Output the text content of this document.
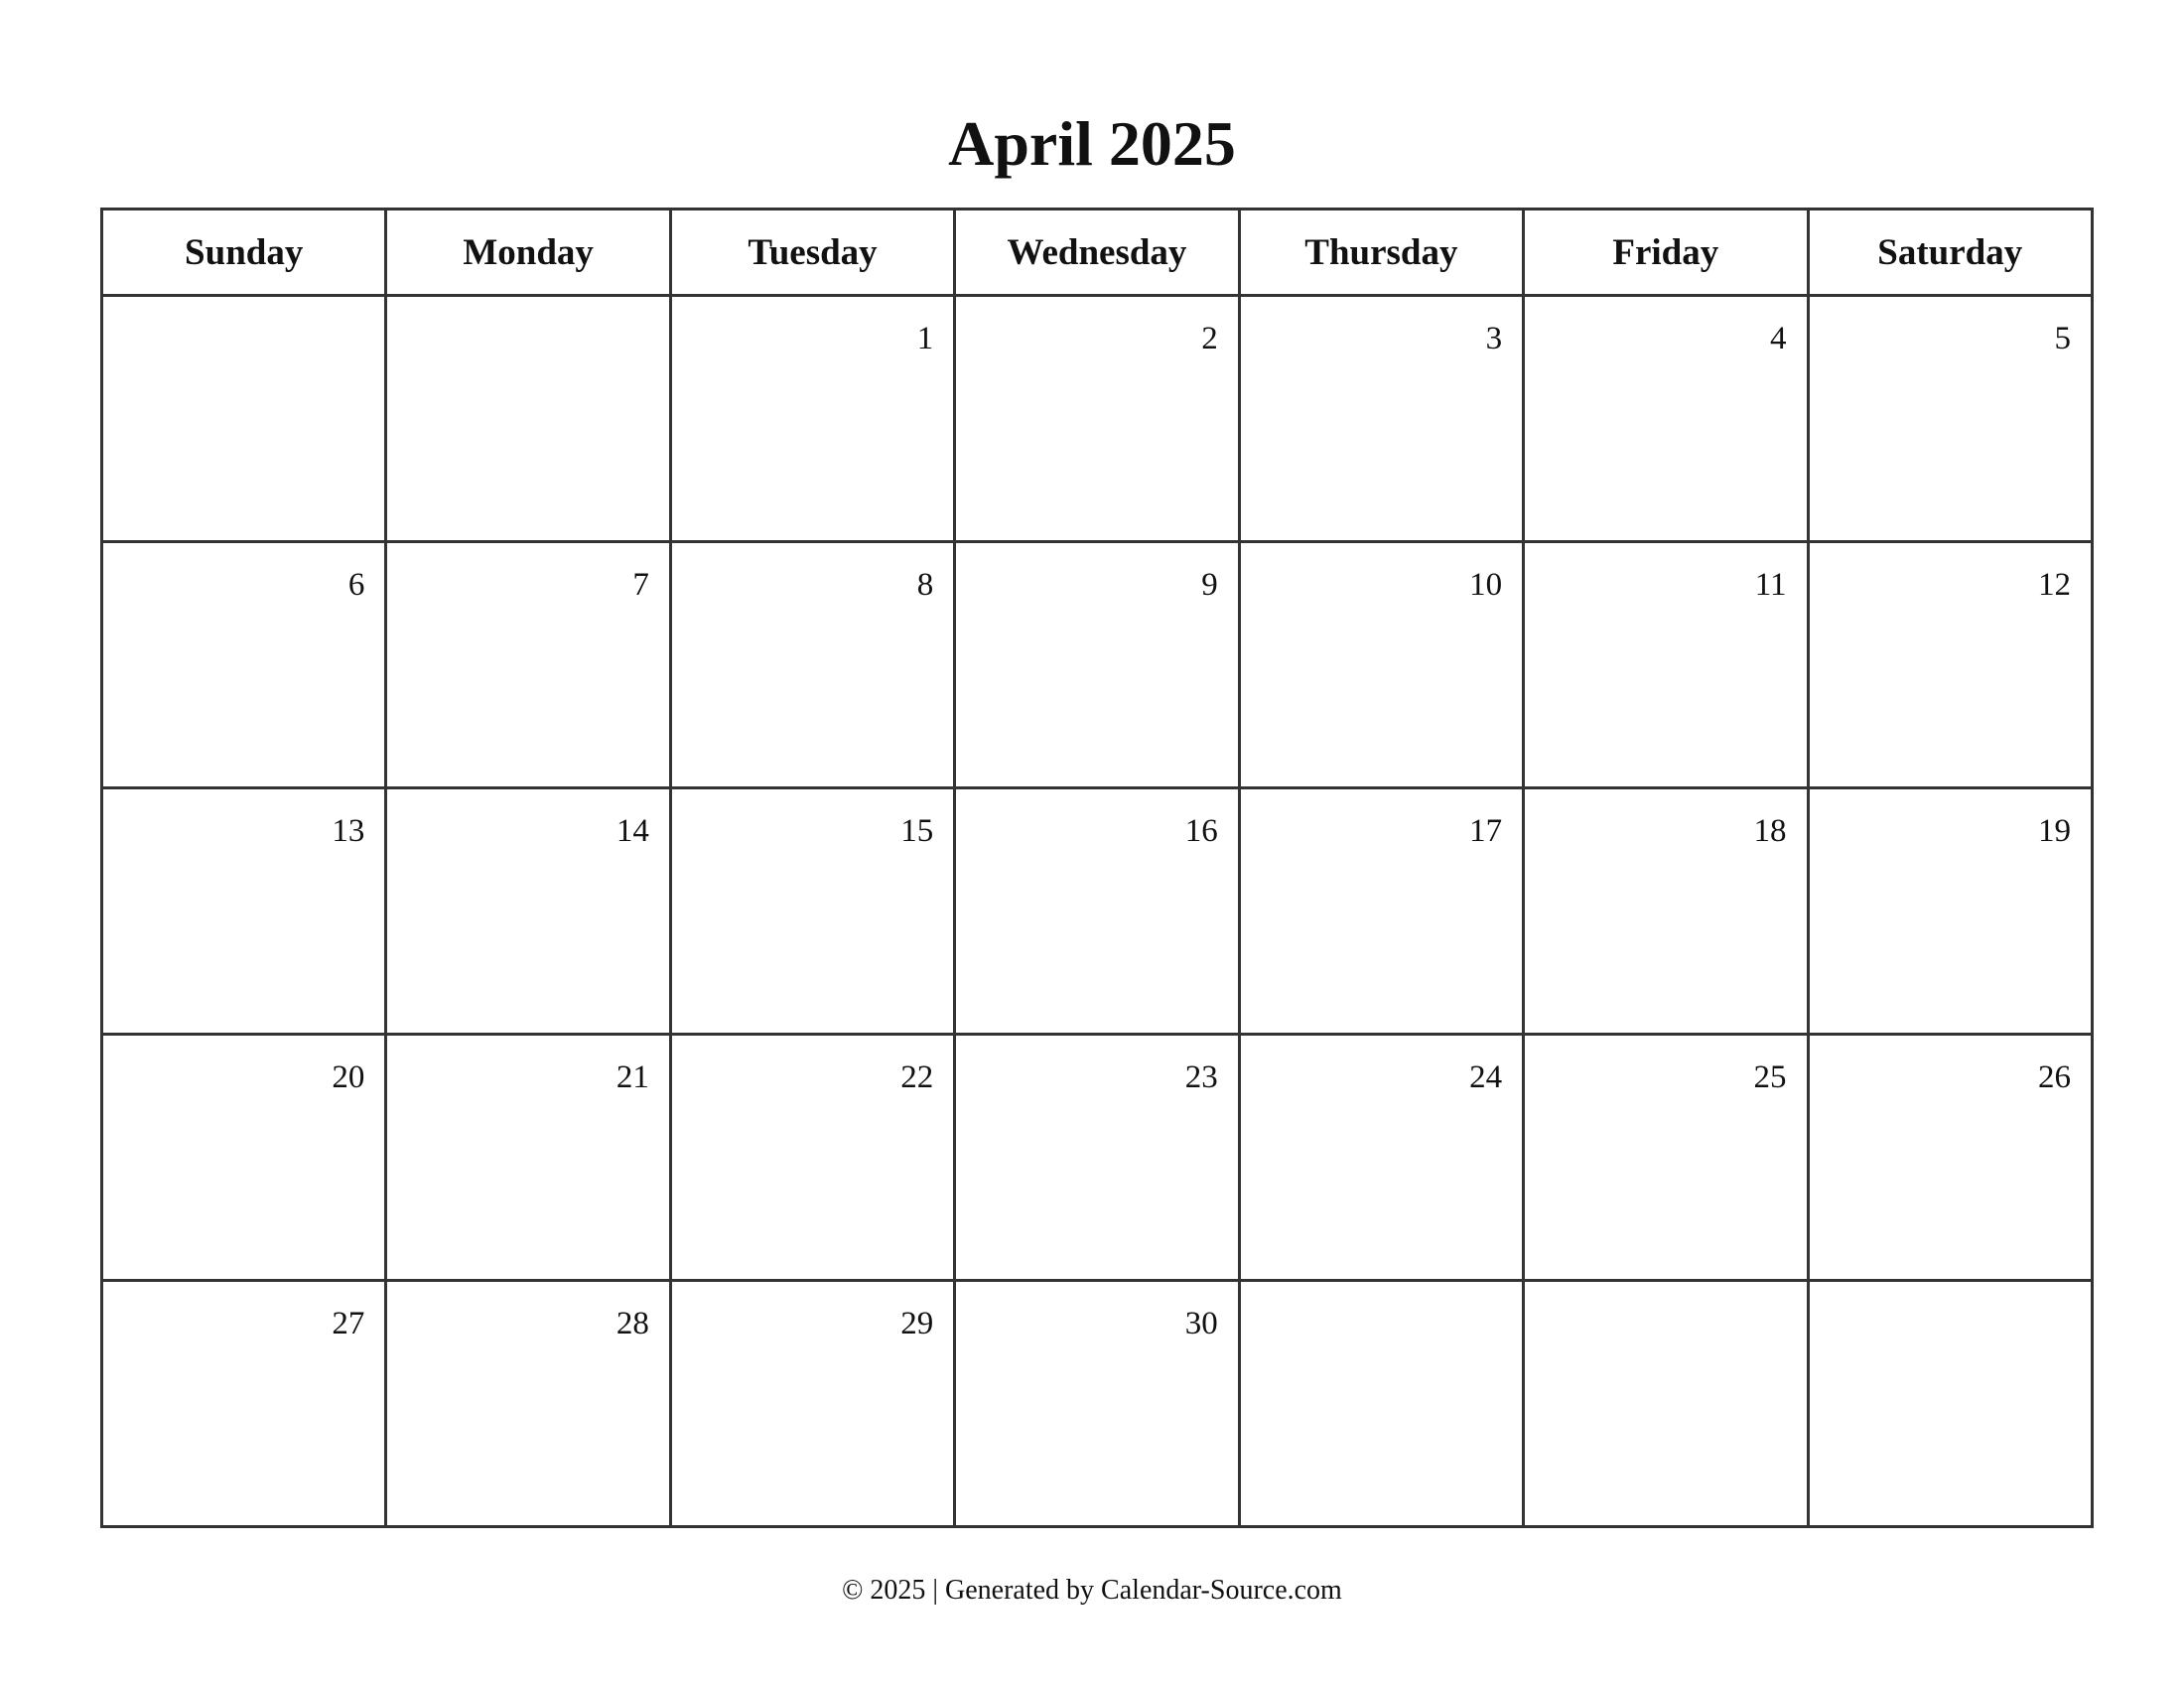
April 2025
Sunday	Monday	Tuesday	Wednesday	Thursday	Friday	Saturday

		1	2	3	4	5

6	7	8	9	10	11	12

13	14	15	16	17	18	19

20	21	22	23	24	25	26

27	28	29	30			

© 2025 | Generated by Calendar-Source.com
